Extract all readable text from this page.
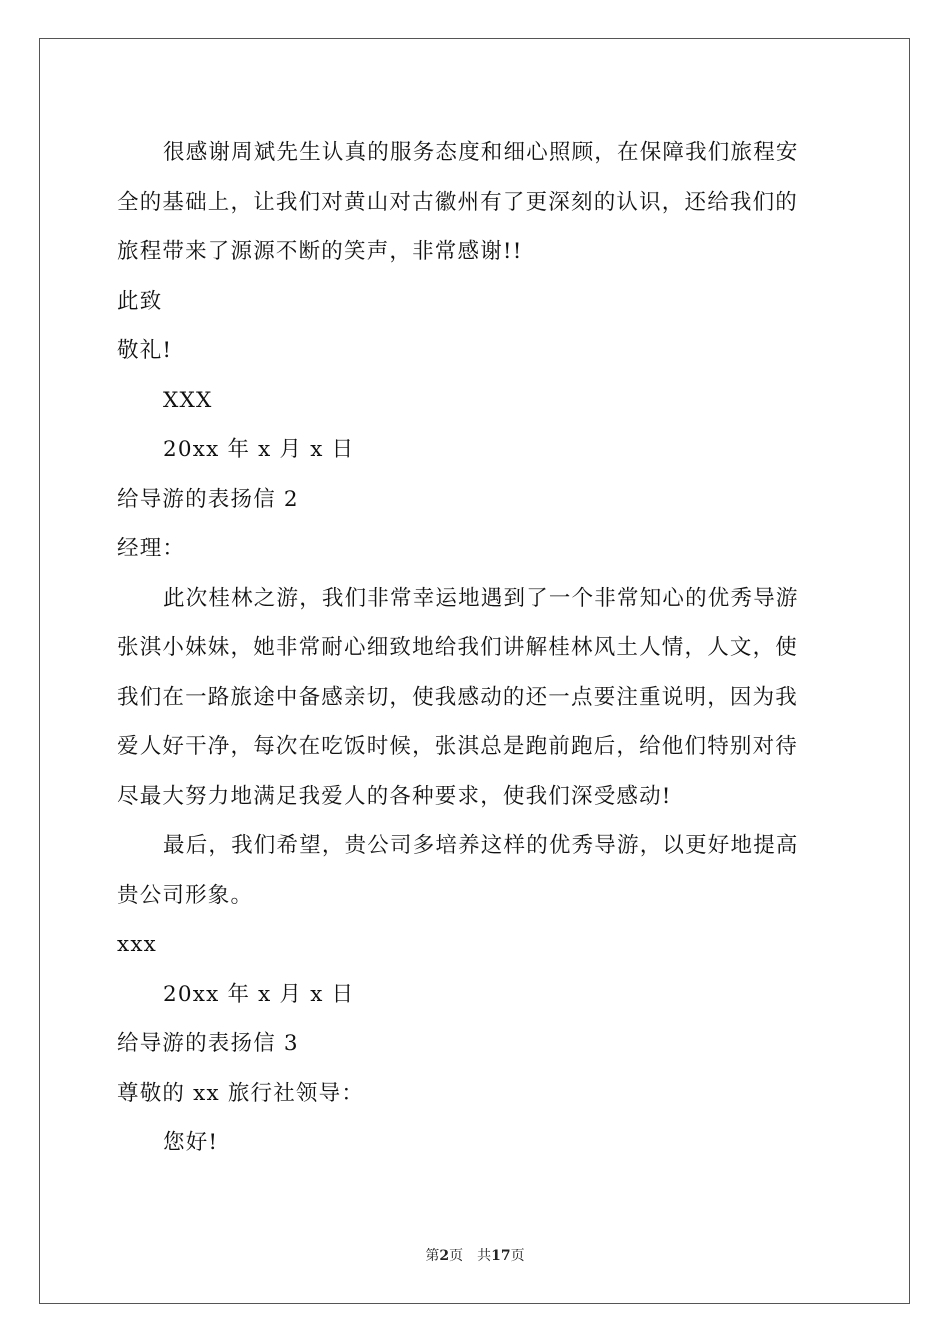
很感谢周斌先生认真的服务态度和细心照顾，在保障我们旅程安
全的基础上，让我们对黄山对古徽州有了更深刻的认识，还给我们的
旅程带来了源源不断的笑声，非常感谢!!
此致
敬礼!
XXX
20xx 年 x 月 x 日
给导游的表扬信 2
经理：
此次桂林之游，我们非常幸运地遇到了一个非常知心的优秀导游
张淇小妹妹，她非常耐心细致地给我们讲解桂林风土人情，人文，使
我们在一路旅途中备感亲切，使我感动的还一点要注重说明，因为我
爱人好干净，每次在吃饭时候，张淇总是跑前跑后，给他们特别对待
尽最大努力地满足我爱人的各种要求，使我们深受感动!
最后，我们希望，贵公司多培养这样的优秀导游，以更好地提高
贵公司形象。
xxx
20xx 年 x 月 x 日
给导游的表扬信 3
尊敬的 xx 旅行社领导：
您好!
第2页 共17页
